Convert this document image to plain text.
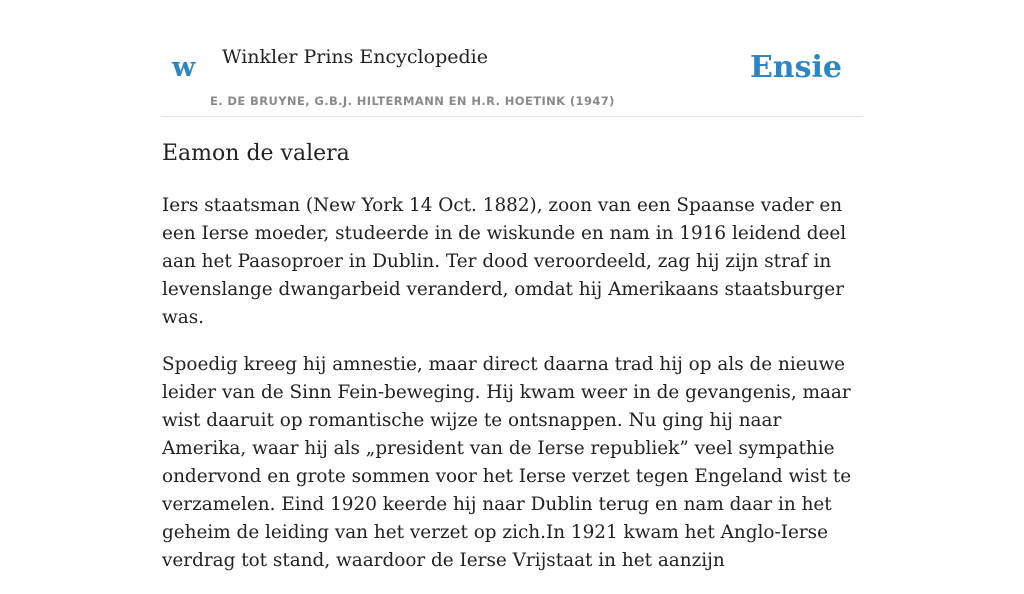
w Winkler Prins Encyclopedie
E. DE BRUYNE, G.B.J. HILTERMANN EN H.R. HOETINK (1947)
Ensie
Eamon de valera

Iers staatsman (New York 14 Oct. 1882), zoon van een Spaanse vader en een Ierse moeder, studeerde in de wiskunde en nam in 1916 leidend deel aan het Paasoproer in Dublin. Ter dood veroordeeld, zag hij zijn straf in levenslange dwangarbeid veranderd, omdat hij Amerikaans staatsburger was.

Spoedig kreeg hij amnestie, maar direct daarna trad hij op als de nieuwe leider van de Sinn Fein-beweging. Hij kwam weer in de gevangenis, maar wist daaruit op romantische wijze te ontsnappen. Nu ging hij naar Amerika, waar hij als „president van de Ierse republiek” veel sympathie ondervond en grote sommen voor het Ierse verzet tegen Engeland wist te verzamelen. Eind 1920 keerde hij naar Dublin terug en nam daar in het geheim de leiding van het verzet op zich.In 1921 kwam het Anglo-Ierse verdrag tot stand, waardoor de Ierse Vrijstaat in het aanzijn
